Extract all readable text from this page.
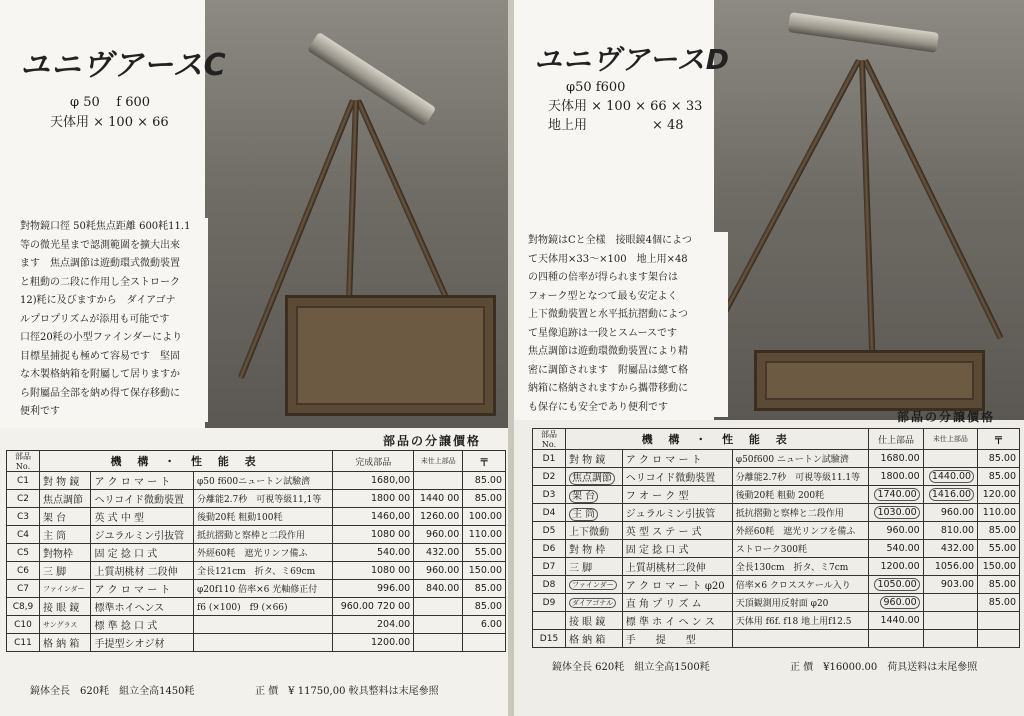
ユニヴアースC
φ 50    f 600
天体用 × 100 × 66
對物鏡口徑 50粍焦点距離 600粍11.1
等の微光星まで認測範圍を擴大出來
ます　焦点調節は遊動環式微動裝置
と粗動の二段に作用し全ストローク
12)粍に及びますから　ダイアゴナ
ルプロプリズムが添用も可能です
口徑20粍の小型ファインダーにより
目標星捕捉も極めて容易です　堅固
な木製格納箱を附屬して居りますか
ら附屬品全部を納め得て保存移動に
便利です
部品の分譲價格
部品 No.	機 構 ・ 性 能 表			完成部品	未仕上部品	〒
C1	對 物 鏡	ア ク ロ マ ー ト	φ50 f600ニュートン試驗濟	1680,00		85.00
C2	焦点調節	ヘリコイド微動裝置	分離能2.7秒　可視等級11,1等	1800 00	1440 00	85.00
C3	架 台	英 式 中 型	後動20粍 粗動100粍	1460,00	1260.00	100.00
C4	主 筒	ジユラルミン引抜管	抵抗摺動と察棒と二段作用	1080 00	960.00	110.00
C5	對物枠	固 定 捻 口 式	外經60粍　遮光リンフ備ふ	540.00	432.00	55.00
C6	三 脚	上質胡桃材 二段伸	全長121cm　折タ、ミ69cm	1080 00	960.00	150.00
C7	ファインダー	ア ク ロ マ ー ト	φ20f110 倍率×6 光軸修正付	996.00	840.00	85.00
C8,9	接 眼 鏡	標準ホイヘンス	f6 (×100)　f9 (×66)	960.00 720 00		85.00
C10	サングラス	標 準 捻 口 式		204.00		6.00
C11	格 納 箱	手提型シオジ材		1200.00		
鏡体全長　620粍　組立全高1450粍	正 價　¥ 11750,00 較具整料は末尾參照
ユニヴアースD
φ50 f600
天体用 × 100 × 66 × 33
地上用　　　　　× 48
對物鏡はCと全樣　接眼鏡4個によつ
て天体用×33〜×100　地上用×48
の四種の倍率が得られます架台は
フォーク型となつて最も安定よく
上下微動裝置と水平抵抗摺動によつ
て星像追跡は一段とスムースです
焦点調節は遊動環微動裝置により精
密に調節されます　附屬品は總て格
納箱に格納されますから攜帶移動に
も保存にも安全であり便利です
部品の分譲價格
部品 No.	機 構 ・ 性 能 表			仕上部品	未仕上部品	〒
D1	對 物 鏡	ア ク ロ マ ー ト	φ50f600 ニュートン試驗濟	1680.00		85.00
D2	焦点調節	ヘリコイド微動裝置	分離能2.7秒　可視等級11.1等	1800.00	1440.00	85.00
D3	架 台	フ オ ー ク 型	後動20粍 粗動 200粍	1740.00	1416.00	120.00
D4	主 筒	ジュラルミン引拔管	抵抗摺動と察棒と二段作用	1030.00	960.00	110.00
D5	上下微動	英 型 ス テ ー 式	外經60粍　遮光リンフを備ふ	960.00	810.00	85.00
D6	對 物 枠	固 定 捻 口 式	ストローク300粍	540.00	432.00	55.00
D7	三 脚	上質胡桃材二段伸	全長130cm　折タ、ミ7cm	1200.00	1056.00	150.00
D8	ファインダー	ア ク ロ マ ー ト φ20	倍率×6 クロススケール入り	1050.00	903.00	85.00
D9	ダイアゴナル	直 角 プ リ ズ ム	天頂観測用反射面 φ20	960.00		85.00
	接 眼 鏡	標 準 ホ イ ヘ ン ス	天体用 f6f. f18 地上用f12.5	1440.00		
D15	格 納 箱	手　　提　　型				
鏡体全長 620粍　組立全高1500粍	正 價　¥16000.00　荷具送料は末尾參照
